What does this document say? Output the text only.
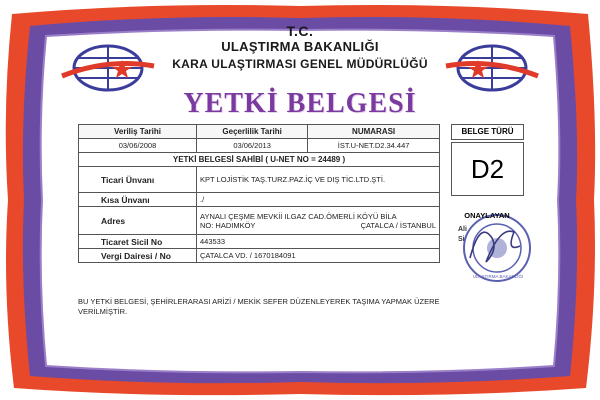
T.C.
ULAŞTIRMA BAKANLIĞI
KARA ULAŞTIRMASI GENEL MÜDÜRLÜĞÜ
YETKİ BELGESİ
Veriliş Tarihi	Geçerlilik Tarihi	NUMARASI
03/06/2008	03/06/2013	İST.U-NET.D2.34.447
YETKİ BELGESİ SAHİBİ ( U-NET NO = 24489 )		
Ticari Ünvanı	KPT LOJİSTİK TAŞ.TURZ.PAZ.İÇ VE DIŞ TİC.LTD.ŞTİ.	
Kısa Ünvanı	./	
Adres	AYNALI ÇEŞME MEVKİİ ILGAZ CAD.ÖMERLİ KÖYÜ BİLA
NO: HADIMKÖY ÇATALCA / İSTANBUL	

Ticaret Sicil No	443533	
Vergi Dairesi / No	ÇATALCA VD. / 1670184091	
BELGE TÜRÜ
D2
ONAYLAYAN
Ali
Si
ULAŞTIRMA BAKANLIĞI
BU YETKİ BELGESİ, ŞEHİRLERARASI ARİZİ / MEKİK SEFER DÜZENLEYEREK TAŞIMA YAPMAK ÜZERE VERİLMİŞTİR.
